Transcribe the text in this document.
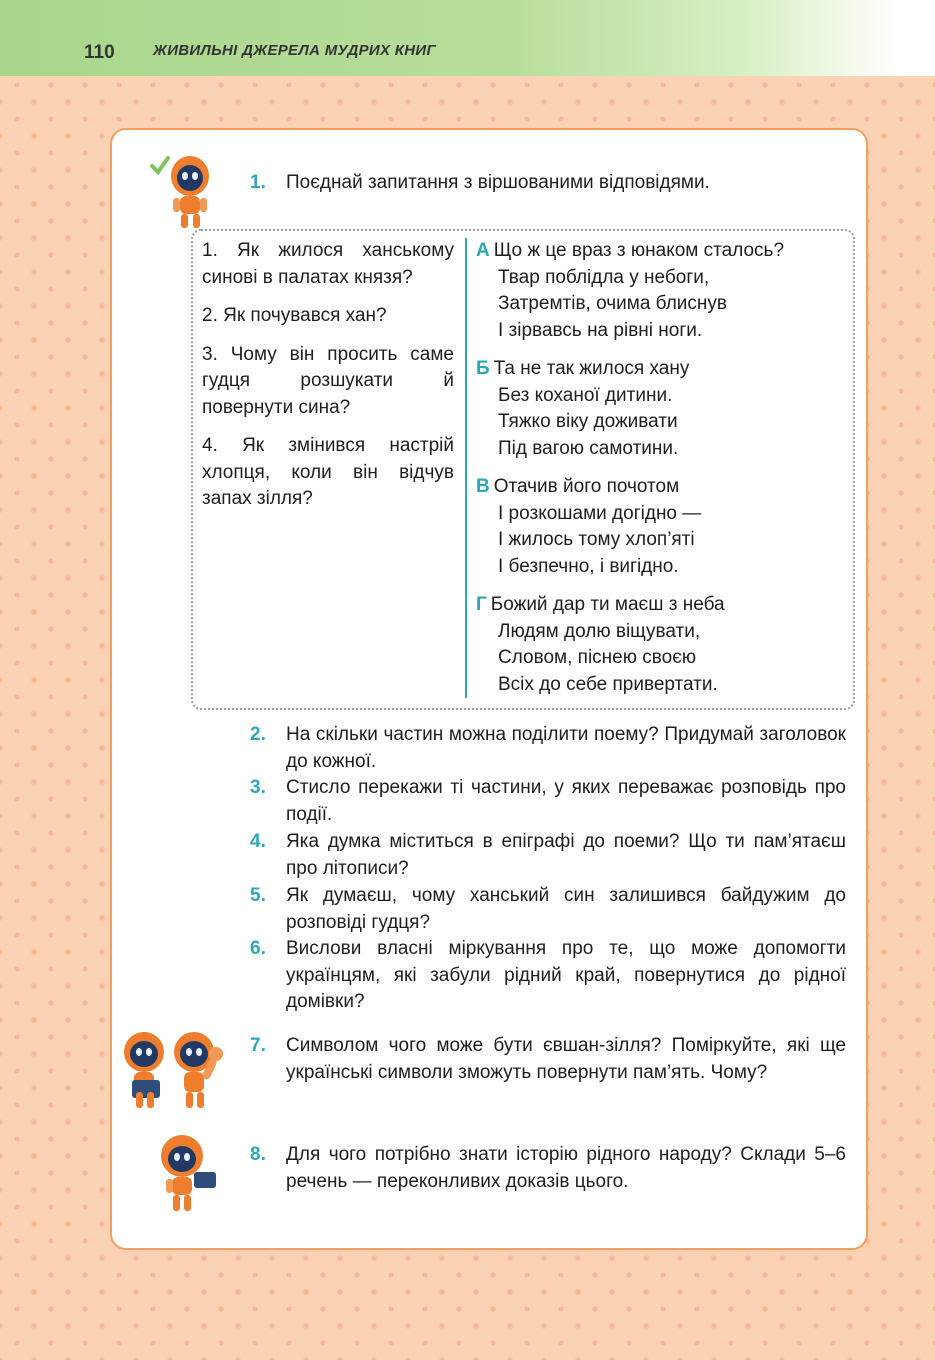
110	ЖИВИЛЬНІ ДЖЕРЕЛА МУДРИХ КНИГ
1. Поєднай запитання з віршованими відповідями.

1. Як жилося ханському синові в палатах князя?

2. Як почувався хан?

3. Чому він просить саме гудця розшукати й повернути сина?

4. Як змінився настрій хлопця, коли він відчув запах зілля?

А Що ж це враз з юнаком сталось?
Твар поблідла у небоги,
Затремтів, очима блиснув
І зірвавсь на рівні ноги.
Б Та не так жилося хану
Без коханої дитини.
Тяжко віку доживати
Під вагою самотини.
В Отачив його почотом
І розкошами догідно —
І жилось тому хлоп’яті
І безпечно, і вигідно.
Г Божий дар ти маєш з неба
Людям долю віщувати,
Словом, піснею своєю
Всіх до себе привертати.
2. На скільки частин можна поділити поему? Придумай заголовок до кожної.
3. Стисло перекажи ті частини, у яких переважає розповідь про події.
4. Яка думка міститься в епіграфі до поеми? Що ти пам’ятаєш про літописи?
5. Як думаєш, чому ханський син залишився байдужим до розповіді гудця?
6. Вислови власні міркування про те, що може допомогти українцям, які забули рідний край, повернутися до рідної домівки?
7. Символом чого може бути євшан-зілля? Поміркуйте, які ще українські символи зможуть повернути пам’ять. Чому?
8. Для чого потрібно знати історію рідного народу? Склади 5–6 речень — переконливих доказів цього.
